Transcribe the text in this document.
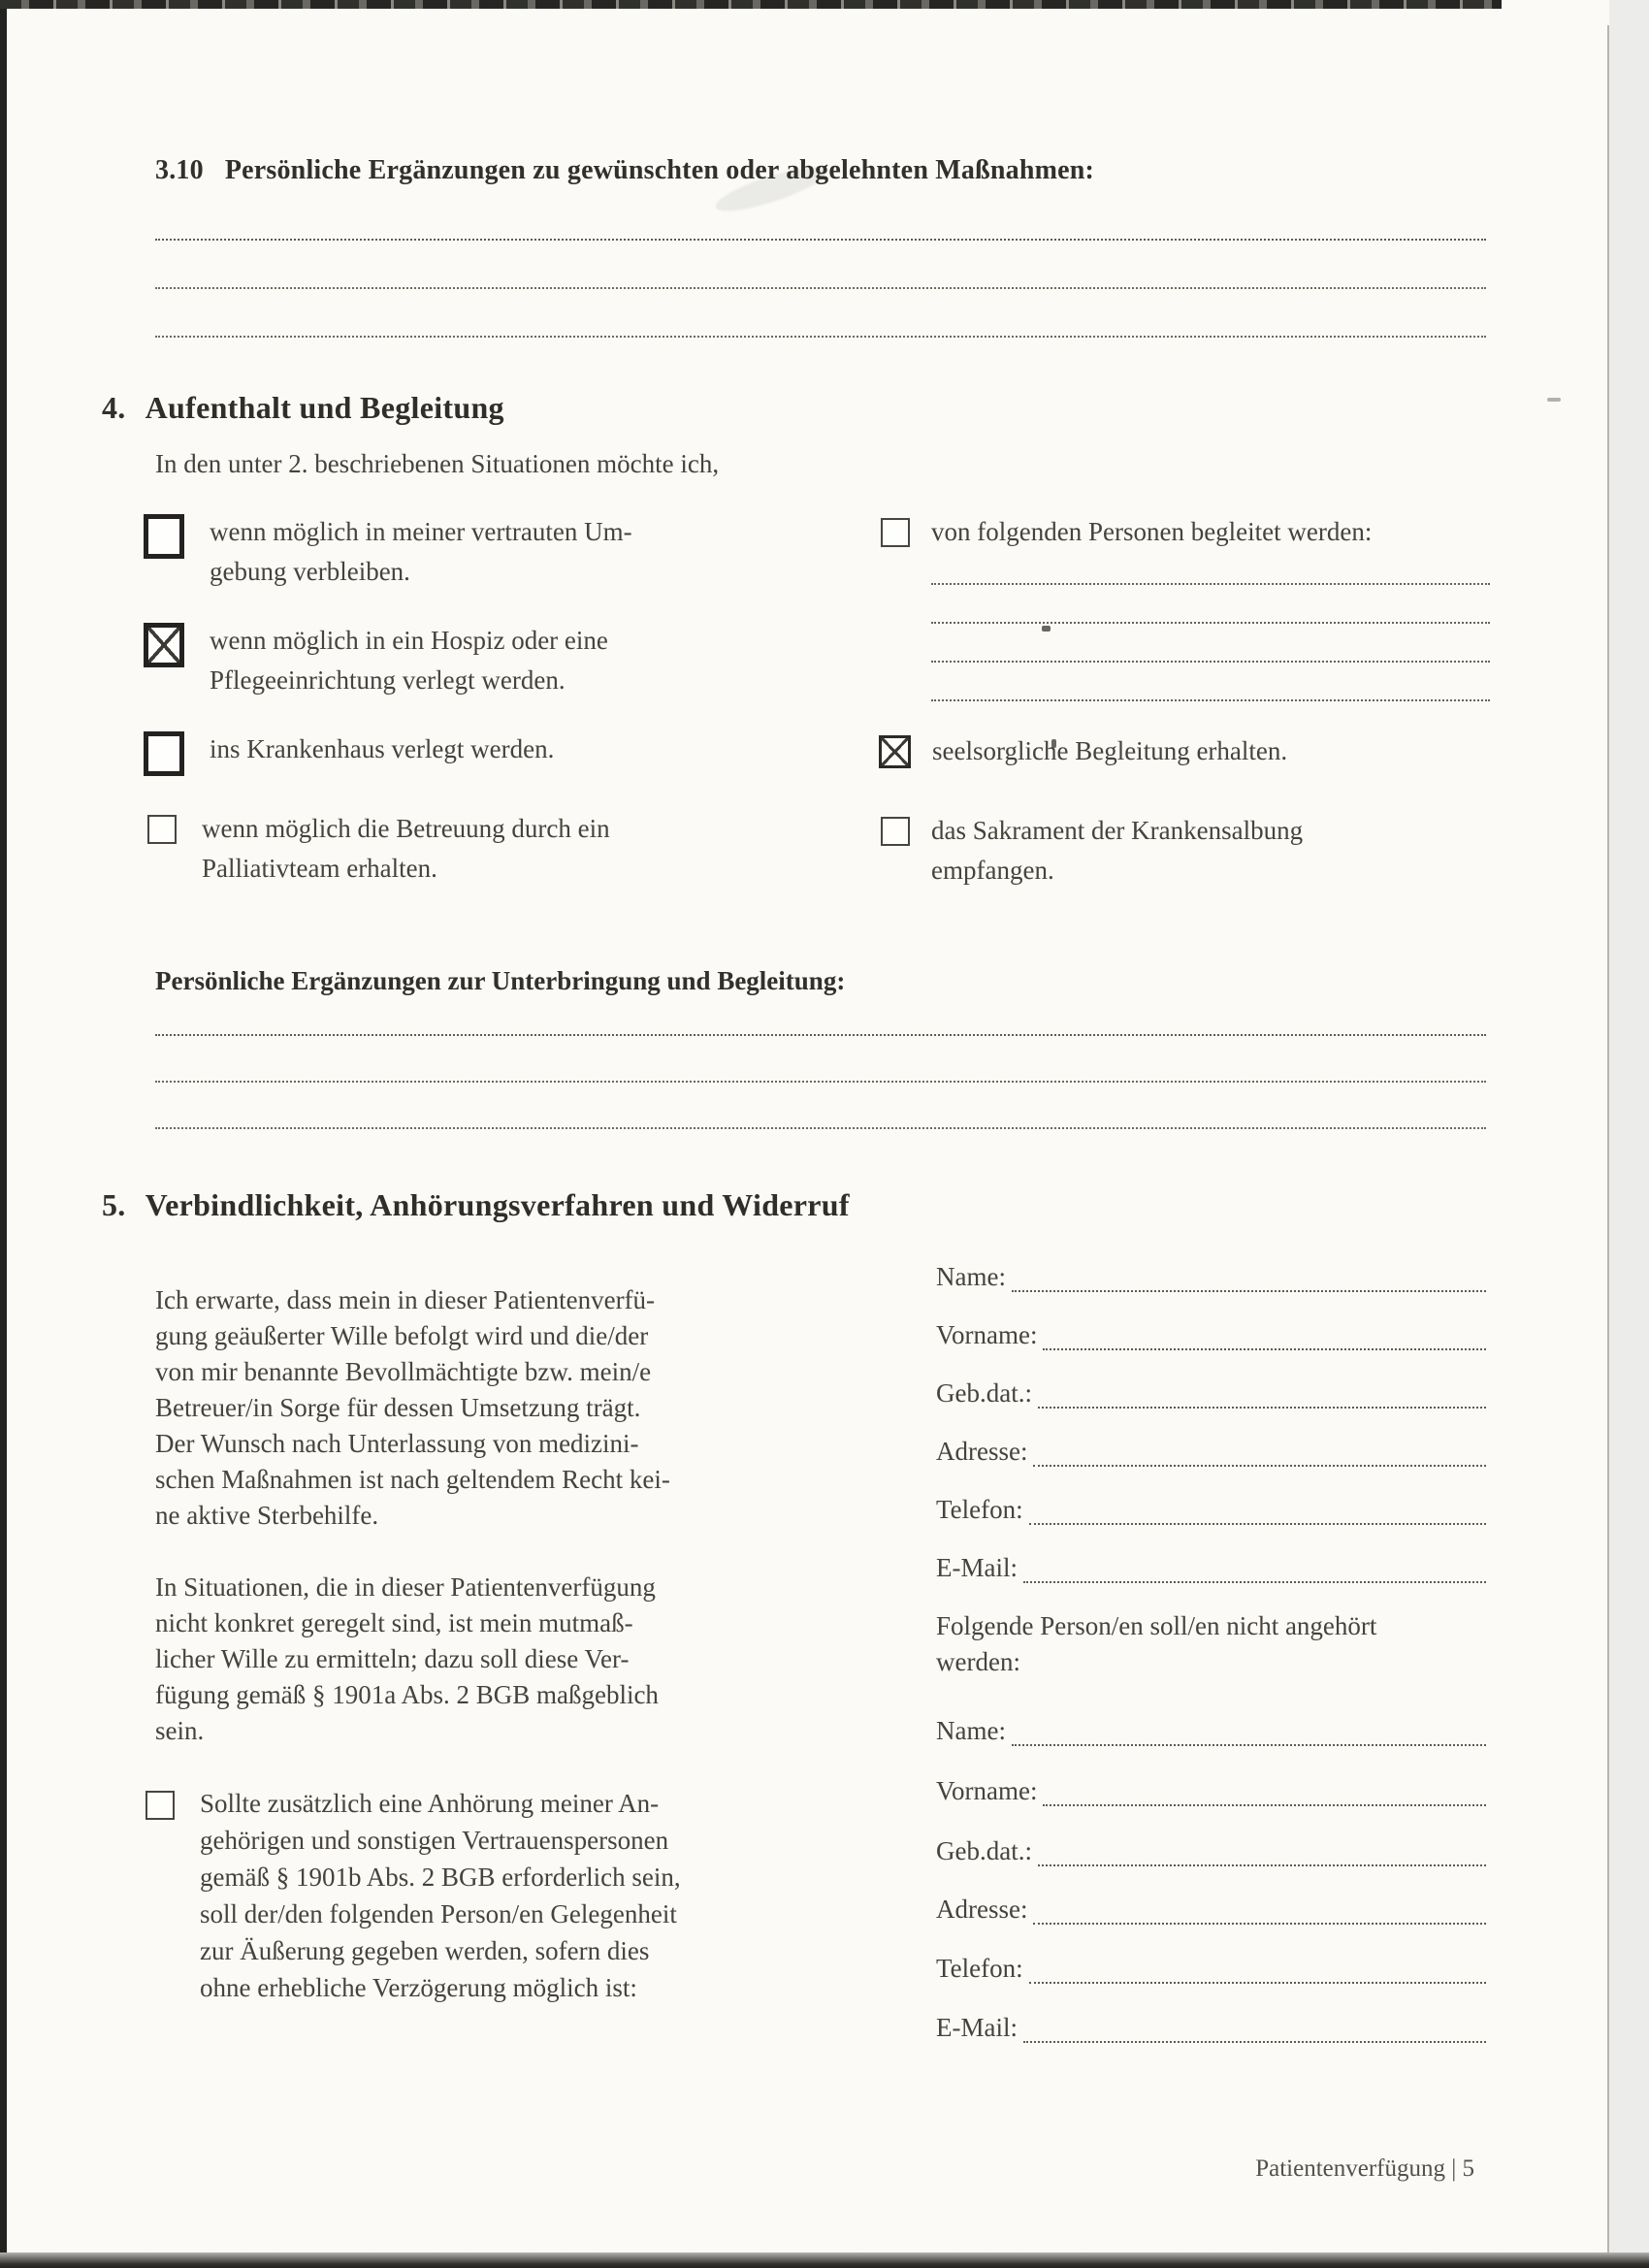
3.10 Persönliche Ergänzungen zu gewünschten oder abgelehnten Maßnahmen:
4. Aufenthalt und Begleitung
In den unter 2. beschriebenen Situationen möchte ich,
wenn möglich in meiner vertrauten Um-
gebung verbleiben.
wenn möglich in ein Hospiz oder eine
Pflegeeinrichtung verlegt werden.
ins Krankenhaus verlegt werden.
wenn möglich die Betreuung durch ein
Palliativteam erhalten.
von folgenden Personen begleitet werden:
seelsorgliche Begleitung erhalten.
das Sakrament der Krankensalbung
empfangen.
Persönliche Ergänzungen zur Unterbringung und Begleitung:
5. Verbindlichkeit, Anhörungsverfahren und Widerruf
Ich erwarte, dass mein in dieser Patientenverfü-
gung geäußerter Wille befolgt wird und die/der
von mir benannte Bevollmächtigte bzw. mein/e
Betreuer/in Sorge für dessen Umsetzung trägt.
Der Wunsch nach Unterlassung von medizini-
schen Maßnahmen ist nach geltendem Recht kei-
ne aktive Sterbehilfe.
In Situationen, die in dieser Patientenverfügung
nicht konkret geregelt sind, ist mein mutmaß-
licher Wille zu ermitteln; dazu soll diese Ver-
fügung gemäß § 1901a Abs. 2 BGB maßgeblich
sein.
Sollte zusätzlich eine Anhörung meiner An-
gehörigen und sonstigen Vertrauenspersonen
gemäß § 1901b Abs. 2 BGB erforderlich sein,
soll der/den folgenden Person/en Gelegenheit
zur Äußerung gegeben werden, sofern dies
ohne erhebliche Verzögerung möglich ist:
Name:
Vorname:
Geb.dat.:
Adresse:
Telefon:
E-Mail:
Folgende Person/en soll/en nicht angehört
werden:
Name:
Vorname:
Geb.dat.:
Adresse:
Telefon:
E-Mail:
Patientenverfügung | 5
